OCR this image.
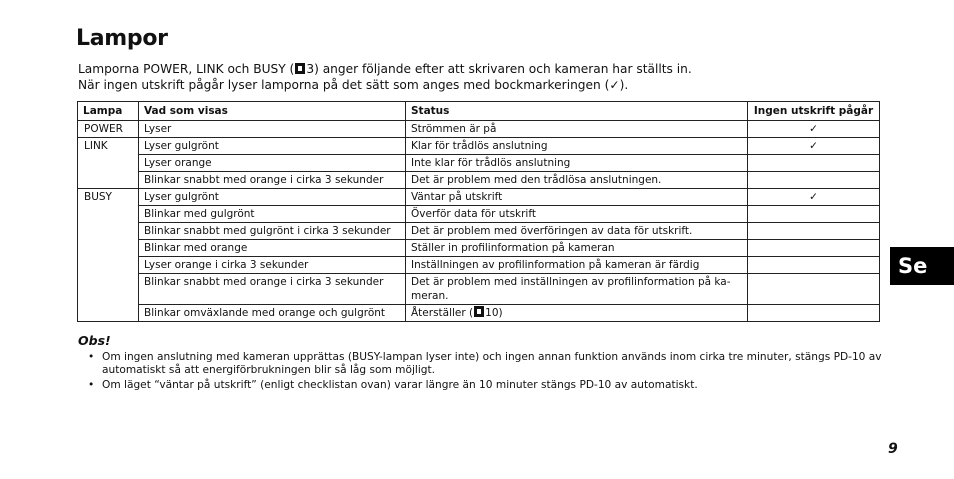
Lampor
Lamporna POWER, LINK och BUSY ( 3) anger följande efter att skrivaren och kameran har ställts in.
När ingen utskrift pågår lyser lamporna på det sätt som anges med bockmarkeringen (✓).
Lampa	Vad som visas	Status	Ingen utskrift pågår
POWER	Lyser	Strömmen är på	✓
LINK	Lyser gulgrönt	Klar för trådlös anslutning	✓
	Lyser orange	Inte klar för trådlös anslutning	
	Blinkar snabbt med orange i cirka 3 sekunder	Det är problem med den trådlösa anslutningen.	
BUSY	Lyser gulgrönt	Väntar på utskrift	✓
	Blinkar med gulgrönt	Överför data för utskrift	
	Blinkar snabbt med gulgrönt i cirka 3 sekunder	Det är problem med överföringen av data för utskrift.	
	Blinkar med orange	Ställer in profilinformation på kameran	
	Lyser orange i cirka 3 sekunder	Inställningen av profilinformation på kameran är färdig	
	Blinkar snabbt med orange i cirka 3 sekunder	Det är problem med inställningen av profilinformation på ka-meran.	
	Blinkar omväxlande med orange och gulgrönt	Återställer ( 10)	
Obs!
• Om ingen anslutning med kameran upprättas (BUSY-lampan lyser inte) och ingen annan funktion används inom cirka tre minuter, stängs PD-10 av automatiskt så att energiförbrukningen blir så låg som möjligt.
• Om läget “väntar på utskrift” (enligt checklistan ovan) varar längre än 10 minuter stängs PD-10 av automatiskt.
Se
9
